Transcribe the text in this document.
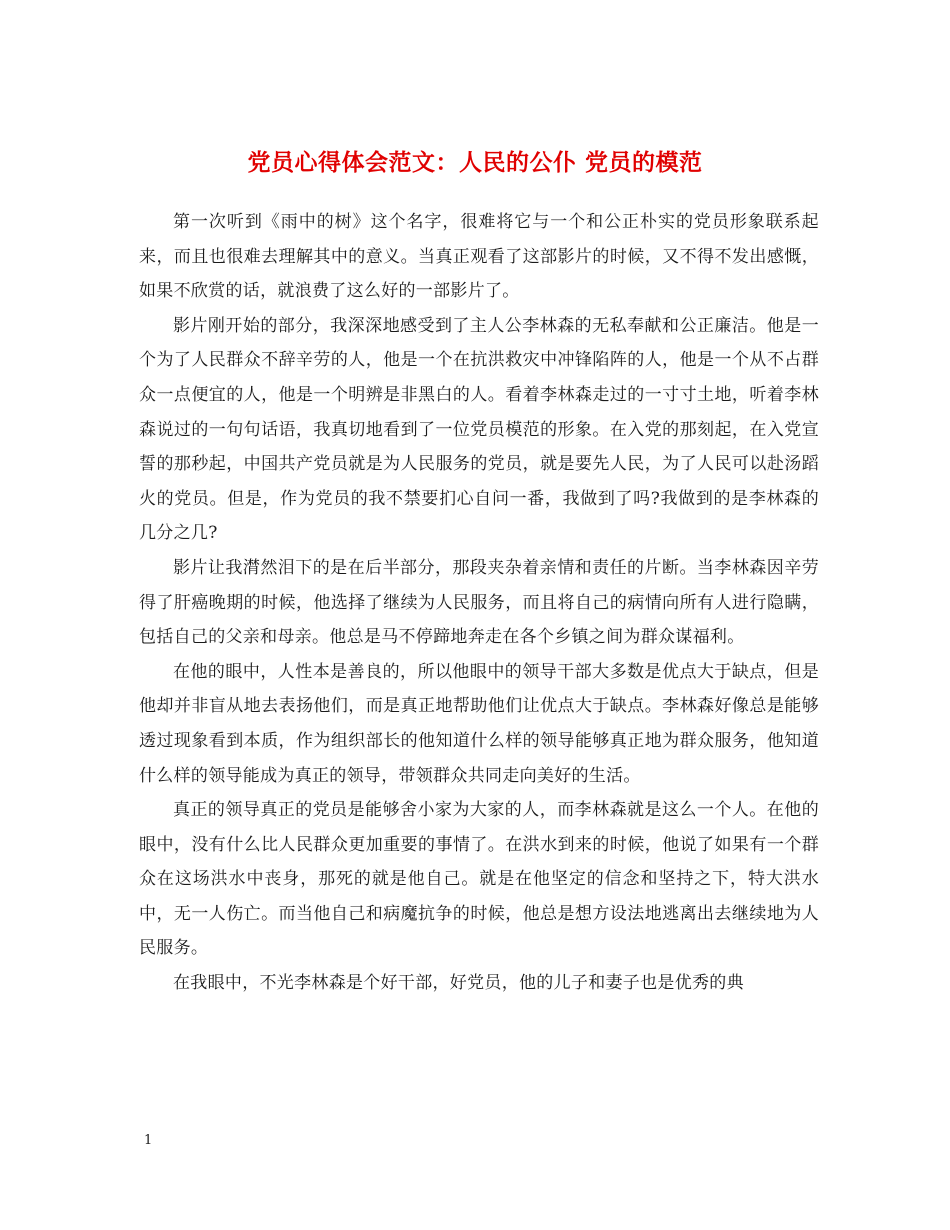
党员心得体会范文：人民的公仆 党员的模范

第一次听到《雨中的树》这个名字，很难将它与一个和公正朴实的党员形象联系起来，而且也很难去理解其中的意义。当真正观看了这部影片的时候，又不得不发出感慨，如果不欣赏的话，就浪费了这么好的一部影片了。

影片刚开始的部分，我深深地感受到了主人公李林森的无私奉献和公正廉洁。他是一个为了人民群众不辞辛劳的人，他是一个在抗洪救灾中冲锋陷阵的人，他是一个从不占群众一点便宜的人，他是一个明辨是非黑白的人。看着李林森走过的一寸寸土地，听着李林森说过的一句句话语，我真切地看到了一位党员模范的形象。在入党的那刻起，在入党宣誓的那秒起，中国共产党员就是为人民服务的党员，就是要先人民，为了人民可以赴汤蹈火的党员。但是，作为党员的我不禁要扪心自问一番，我做到了吗?我做到的是李林森的几分之几?

影片让我潸然泪下的是在后半部分，那段夹杂着亲情和责任的片断。当李林森因辛劳得了肝癌晚期的时候，他选择了继续为人民服务，而且将自己的病情向所有人进行隐瞒，包括自己的父亲和母亲。他总是马不停蹄地奔走在各个乡镇之间为群众谋福利。

在他的眼中，人性本是善良的，所以他眼中的领导干部大多数是优点大于缺点，但是他却并非盲从地去表扬他们，而是真正地帮助他们让优点大于缺点。李林森好像总是能够透过现象看到本质，作为组织部长的他知道什么样的领导能够真正地为群众服务，他知道什么样的领导能成为真正的领导，带领群众共同走向美好的生活。

真正的领导真正的党员是能够舍小家为大家的人，而李林森就是这么一个人。在他的眼中，没有什么比人民群众更加重要的事情了。在洪水到来的时候，他说了如果有一个群众在这场洪水中丧身，那死的就是他自己。就是在他坚定的信念和坚持之下，特大洪水中，无一人伤亡。而当他自己和病魔抗争的时候，他总是想方设法地逃离出去继续地为人民服务。

在我眼中，不光李林森是个好干部，好党员，他的儿子和妻子也是优秀的典

1
